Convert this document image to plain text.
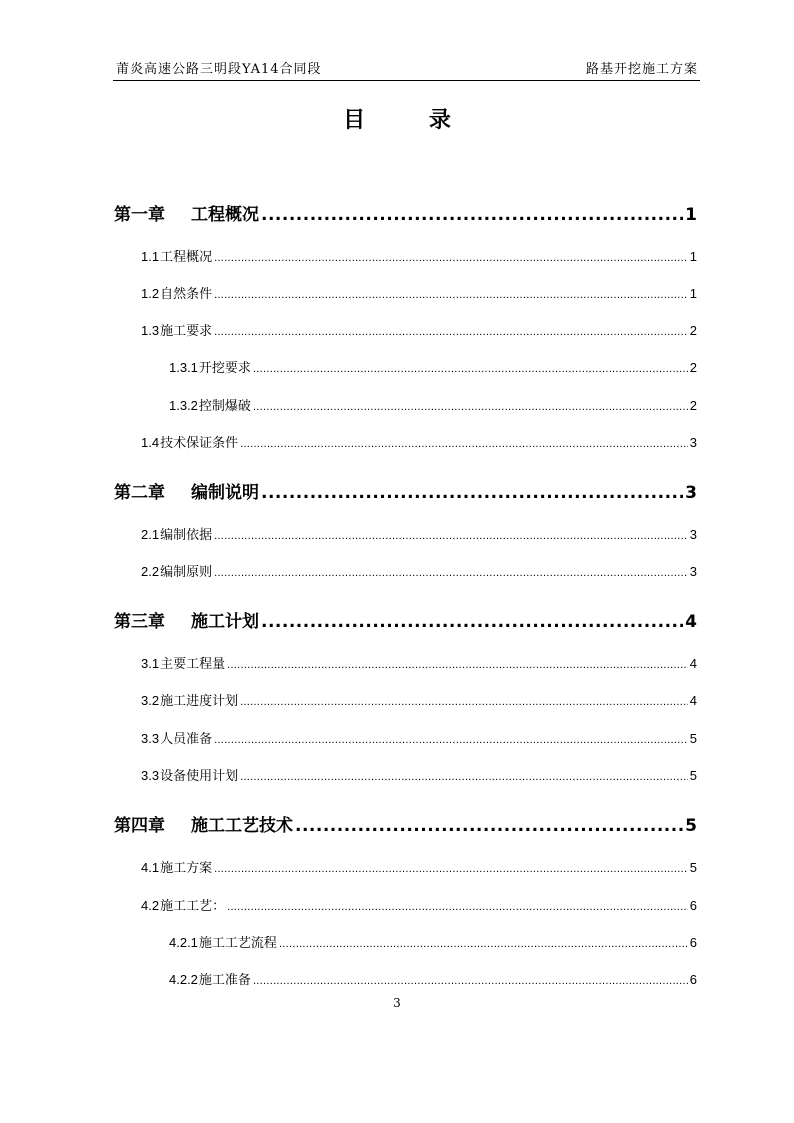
莆炎高速公路三明段YA14合同段	路基开挖施工方案
目 录
第一章 工程概况 .....	1
1.1 工程概况 .....	1
1.2 自然条件 .....	1
1.3 施工要求 .....	2
1.3.1 开挖要求 .....	2
1.3.2 控制爆破 .....	2
1.4 技术保证条件 .....	3
第二章 编制说明 .....	3
2.1 编制依据 .....	3
2.2 编制原则 .....	3
第三章 施工计划 .....	4
3.1 主要工程量 .....	4
3.2 施工进度计划 .....	4
3.3 人员准备 .....	5
3.3 设备使用计划 .....	5
第四章 施工工艺技术 .....	5
4.1 施工方案 .....	5
4.2 施工工艺： .....	6
4.2.1 施工工艺流程 .....	6
4.2.2 施工准备 .....	6
3
